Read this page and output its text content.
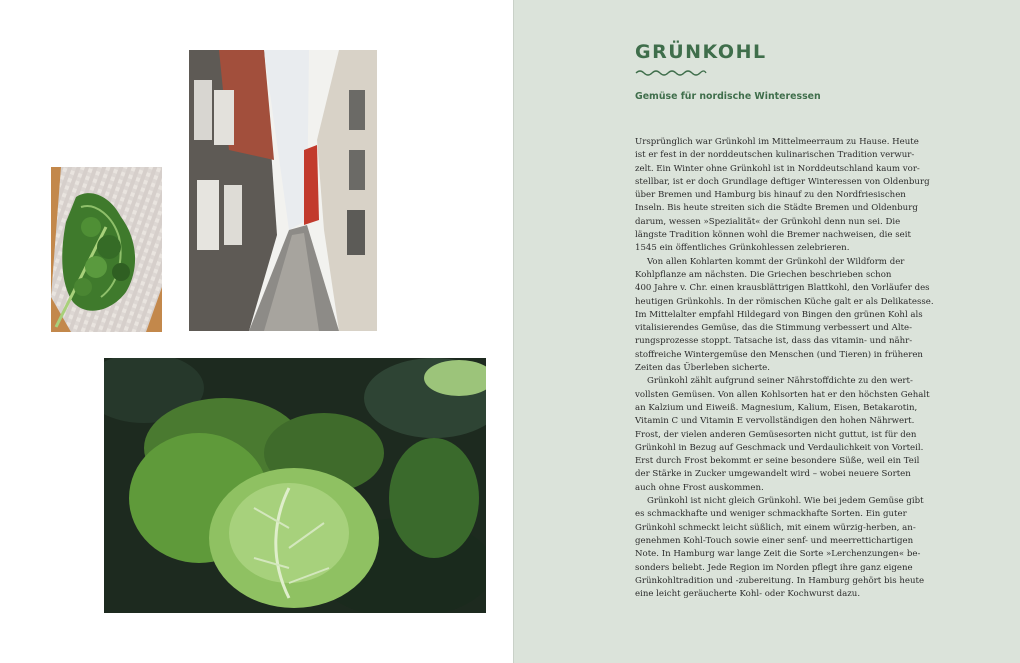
GRÜNKOHL
Gemüse für nordische Winteressen
Ursprünglich war Grünkohl im Mittelmeerraum zu Hause. Heute
ist er fest in der norddeutschen kulinarischen Tradition verwur-
zelt. Ein Winter ohne Grünkohl ist in Norddeutschland kaum vor-
stellbar, ist er doch Grundlage deftiger Winteressen von Oldenburg
über Bremen und Hamburg bis hinauf zu den Nordfriesischen
Inseln. Bis heute streiten sich die Städte Bremen und Oldenburg
darum, wessen »Spezialität« der Grünkohl denn nun sei. Die
längste Tradition können wohl die Bremer nachweisen, die seit
1545 ein öffentliches Grünkohlessen zelebrieren.
Von allen Kohlarten kommt der Grünkohl der Wildform der
Kohlpflanze am nächsten. Die Griechen beschrieben schon
400 Jahre v. Chr. einen krausblättrigen Blattkohl, den Vorläufer des
heutigen Grünkohls. In der römischen Küche galt er als Delikatesse.
Im Mittelalter empfahl Hildegard von Bingen den grünen Kohl als
vitalisierendes Gemüse, das die Stimmung verbessert und Alte-
rungsprozesse stoppt. Tatsache ist, dass das vitamin- und nähr-
stoffreiche Wintergemüse den Menschen (und Tieren) in früheren
Zeiten das Überleben sicherte.
Grünkohl zählt aufgrund seiner Nährstoffdichte zu den wert-
vollsten Gemüsen. Von allen Kohlsorten hat er den höchsten Gehalt
an Kalzium und Eiweiß. Magnesium, Kalium, Eisen, Betakarotin,
Vitamin C und Vitamin E vervollständigen den hohen Nährwert.
Frost, der vielen anderen Gemüsesorten nicht guttut, ist für den
Grünkohl in Bezug auf Geschmack und Verdaulichkeit von Vorteil.
Erst durch Frost bekommt er seine besondere Süße, weil ein Teil
der Stärke in Zucker umgewandelt wird – wobei neuere Sorten
auch ohne Frost auskommen.
Grünkohl ist nicht gleich Grünkohl. Wie bei jedem Gemüse gibt
es schmackhafte und weniger schmackhafte Sorten. Ein guter
Grünkohl schmeckt leicht süßlich, mit einem würzig-herben, an-
genehmen Kohl-Touch sowie einer senf- und meerrettichartigen
Note. In Hamburg war lange Zeit die Sorte »Lerchenzungen« be-
sonders beliebt. Jede Region im Norden pflegt ihre ganz eigene
Grünkohltradition und -zubereitung. In Hamburg gehört bis heute
eine leicht geräucherte Kohl- oder Kochwurst dazu.
